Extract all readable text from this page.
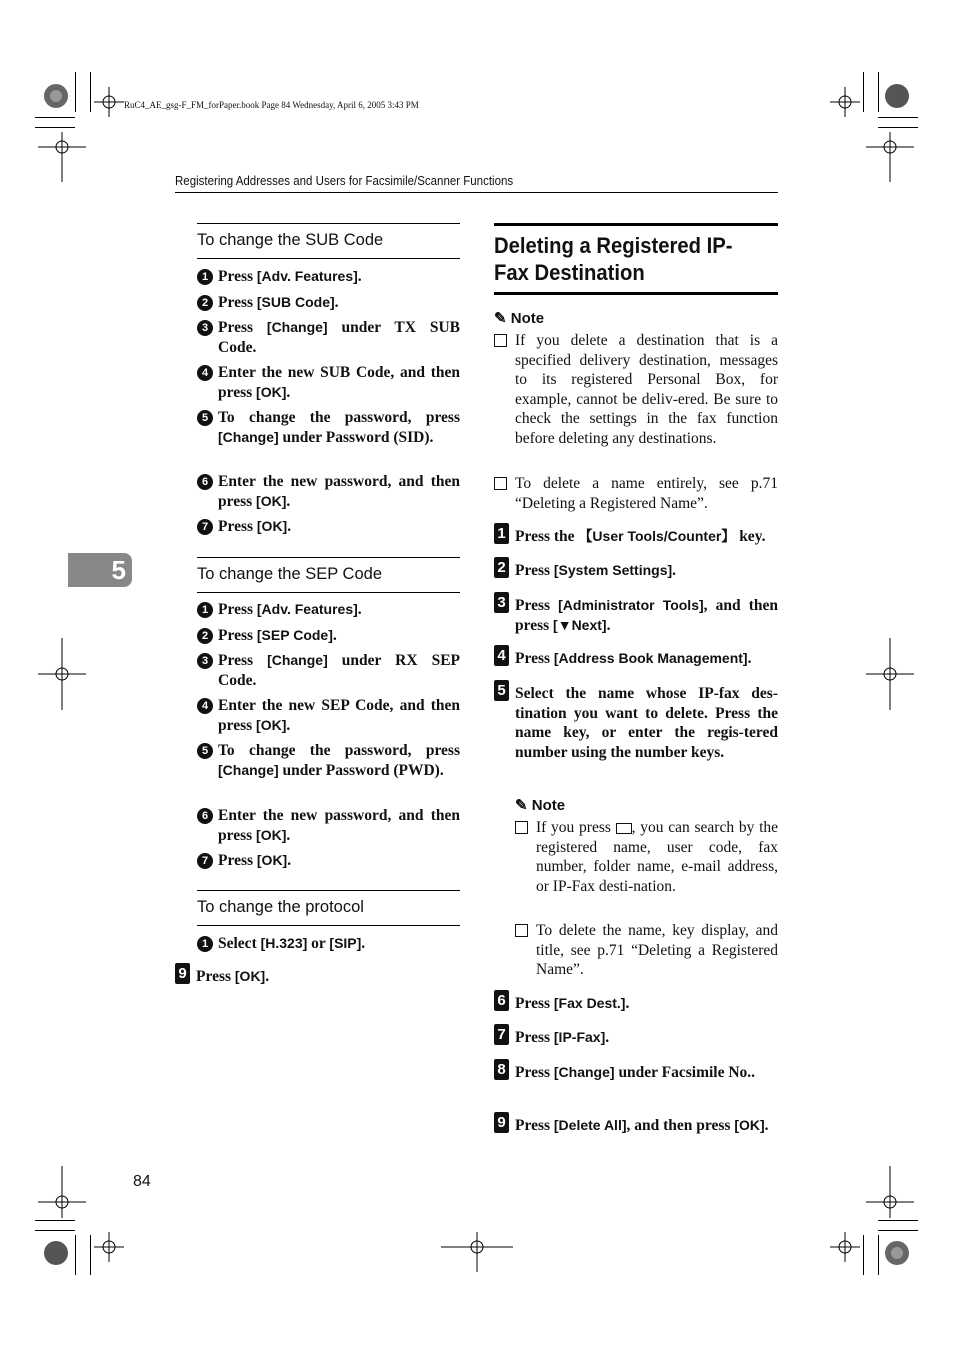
RuC4_AE_gsg-F_FM_forPaper.book Page 84 Wednesday, April 6, 2005 3:43 PM
Registering Addresses and Users for Facsimile/Scanner Functions
5
84
To change the SUB Code
1 Press [Adv. Features].
2 Press [SUB Code].
3 Press [Change] under TX SUB Code.
4 Enter the new SUB Code, and then press [OK].
5 To change the password, press [Change] under Password (SID).
6 Enter the new password, and then press [OK].
7 Press [OK].
To change the SEP Code
1 Press [Adv. Features].
2 Press [SEP Code].
3 Press [Change] under RX SEP Code.
4 Enter the new SEP Code, and then press [OK].
5 To change the password, press [Change] under Password (PWD).
6 Enter the new password, and then press [OK].
7 Press [OK].
To change the protocol
1 Select [H.323] or [SIP].
9 Press [OK].
Deleting a Registered IP-Fax Destination
✎ Note
If you delete a destination that is a specified delivery destination, messages to its registered Personal Box, for example, cannot be deliv-ered. Be sure to check the settings in the fax function before deleting any destinations.
To delete a name entirely, see p.71 “Deleting a Registered Name”.
1 Press the 【User Tools/Counter】 key.
2 Press [System Settings].
3 Press [Administrator Tools], and then press [▼Next].
4 Press [Address Book Management].
5 Select the name whose IP-fax des-tination you want to delete. Press the name key, or enter the regis-tered number using the number keys.
✎ Note
If you press , you can search by the registered name, user code, fax number, folder name, e-mail address, or IP-Fax desti-nation.
To delete the name, key display, and title, see p.71 “Deleting a Registered Name”.
6 Press [Fax Dest.].
7 Press [IP-Fax].
8 Press [Change] under Facsimile No..
9 Press [Delete All], and then press [OK].
